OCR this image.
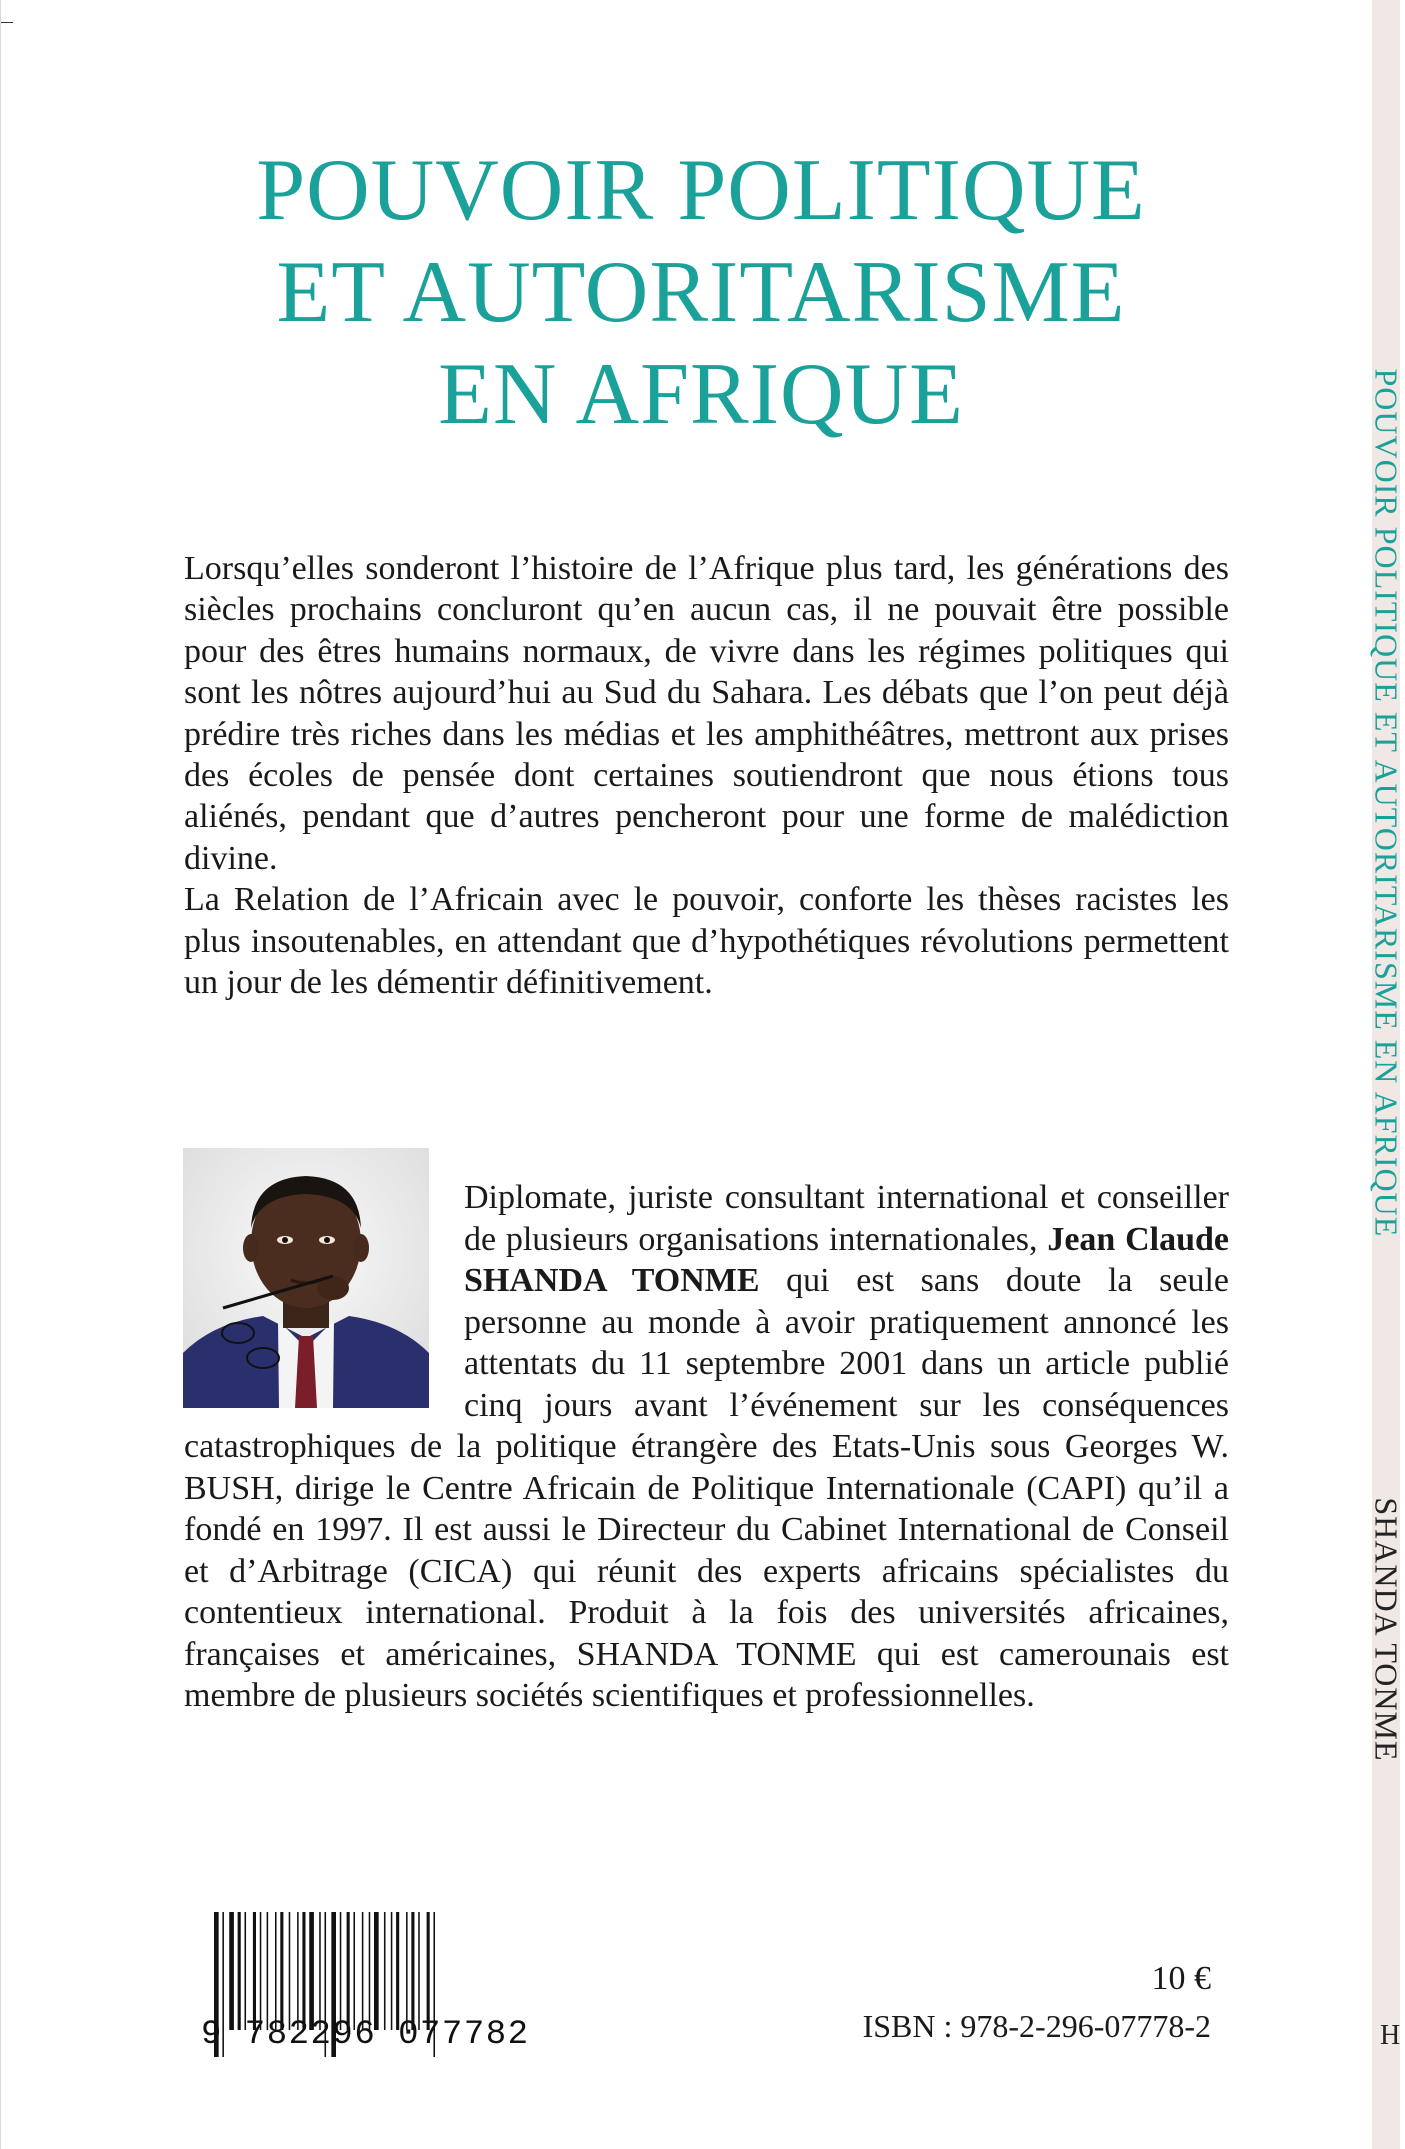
POUVOIR POLITIQUE
ET AUTORITARISME
EN AFRIQUE

Lorsqu’elles sonderont l’histoire de l’Afrique plus tard, les générations des siècles prochains concluront qu’en aucun cas, il ne pouvait être possible pour des êtres humains normaux, de vivre dans les régimes politiques qui sont les nôtres aujourd’hui au Sud du Sahara. Les débats que l’on peut déjà prédire très riches dans les médias et les amphithéâtres, mettront aux prises des écoles de pensée dont certaines soutiendront que nous étions tous aliénés, pendant que d’autres pencheront pour une forme de malédiction divine.

La Relation de l’Africain avec le pouvoir, conforte les thèses racistes les plus insoutenables, en attendant que d’hypothétiques révolutions permettent un jour de les démentir définitivement.

Diplomate, juriste consultant international et conseiller de plusieurs organisations internationales, Jean Claude SHANDA TONME qui est sans doute la seule personne au monde à avoir pratiquement annoncé les attentats du 11 septembre 2001 dans un article publié cinq jours avant l’événement sur les conséquences catastrophiques de la politique étrangère des Etats-Unis sous Georges W. BUSH, dirige le Centre Africain de Politique Internationale (CAPI) qu’il a fondé en 1997. Il est aussi le Directeur du Cabinet International de Conseil et d’Arbitrage (CICA) qui réunit des experts africains spécialistes du contentieux international. Produit à la fois des universités africaines, françaises et américaines, SHANDA TONME qui est camerounais est membre de plusieurs sociétés scientifiques et professionnelles.

9 782296 077782
10 €
ISBN : 978-2-296-07778-2
POUVOIR POLITIQUE ET AUTORITARISME EN AFRIQUESHANDA TONME
H
